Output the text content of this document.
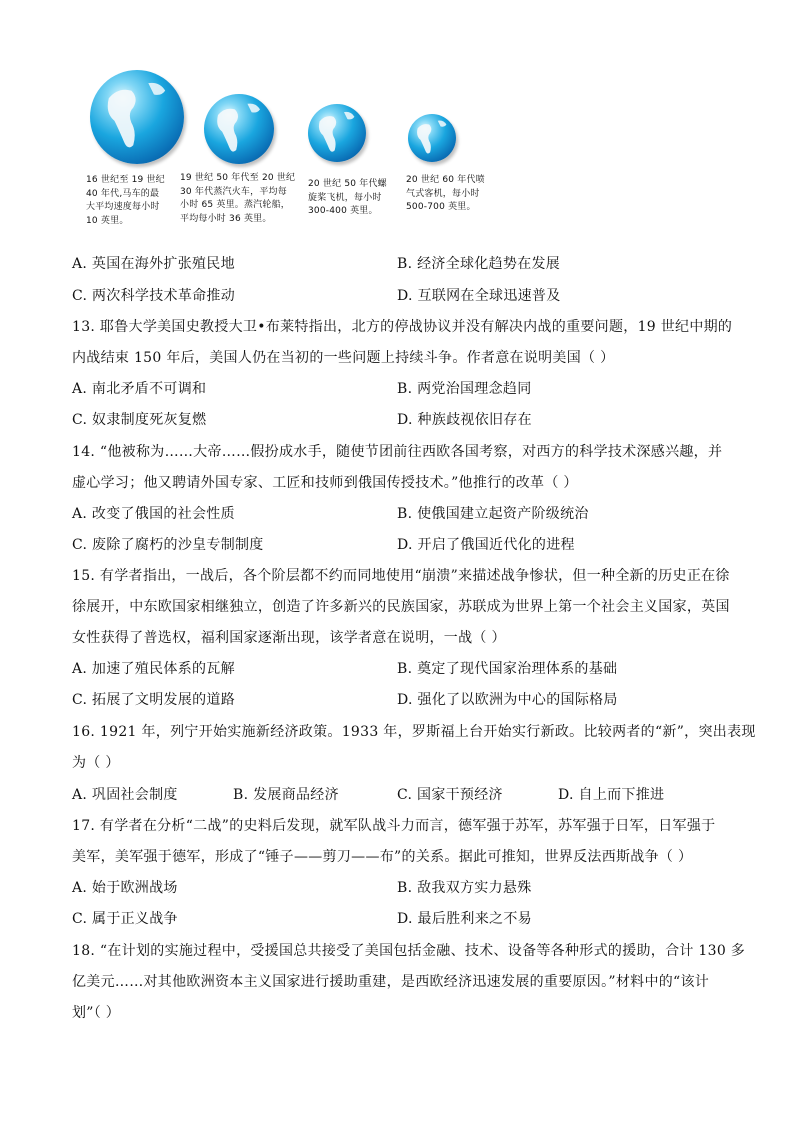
16 世纪至 19 世纪
40 年代,马车的最
大平均速度每小时
10 英里。
19 世纪 50 年代至 20 世纪
30 年代蒸汽火车，平均每
小时 65 英里。蒸汽轮船，
平均每小时 36 英里。
20 世纪 50 年代螺
旋桨飞机，每小时
300-400 英里。
20 世纪 60 年代喷
气式客机，每小时
500-700 英里。
A. 英国在海外扩张殖民地	B. 经济全球化趋势在发展
C. 两次科学技术革命推动	D. 互联网在全球迅速普及
13. 耶鲁大学美国史教授大卫•布莱特指出，北方的停战协议并没有解决内战的重要问题，19 世纪中期的
内战结束 150 年后，美国人仍在当初的一些问题上持续斗争。作者意在说明美国（ ）
A. 南北矛盾不可调和	B. 两党治国理念趋同
C. 奴隶制度死灰复燃	D. 种族歧视依旧存在
14. “他被称为……大帝……假扮成水手，随使节团前往西欧各国考察，对西方的科学技术深感兴趣，并
虚心学习；他又聘请外国专家、工匠和技师到俄国传授技术。”他推行的改革（ ）
A. 改变了俄国的社会性质	B. 使俄国建立起资产阶级统治
C. 废除了腐朽的沙皇专制制度	D. 开启了俄国近代化的进程
15. 有学者指出，一战后，各个阶层都不约而同地使用“崩溃”来描述战争惨状，但一种全新的历史正在徐
徐展开，中东欧国家相继独立，创造了许多新兴的民族国家，苏联成为世界上第一个社会主义国家，英国
女性获得了普选权，福利国家逐渐出现，该学者意在说明，一战（ ）
A. 加速了殖民体系的瓦解	B. 奠定了现代国家治理体系的基础
C. 拓展了文明发展的道路	D. 强化了以欧洲为中心的国际格局
16. 1921 年，列宁开始实施新经济政策。1933 年，罗斯福上台开始实行新政。比较两者的“新”，突出表现
为（ ）
A. 巩固社会制度	B. 发展商品经济	C. 国家干预经济	D. 自上而下推进
17. 有学者在分析“二战”的史料后发现，就军队战斗力而言，德军强于苏军，苏军强于日军，日军强于
美军，美军强于德军，形成了“锤子——剪刀——布”的关系。据此可推知，世界反法西斯战争（ ）
A. 始于欧洲战场	B. 敌我双方实力悬殊
C. 属于正义战争	D. 最后胜利来之不易
18. “在计划的实施过程中，受援国总共接受了美国包括金融、技术、设备等各种形式的援助，合计 130 多
亿美元……对其他欧洲资本主义国家进行援助重建，是西欧经济迅速发展的重要原因。”材料中的“该计
划”（ ）
